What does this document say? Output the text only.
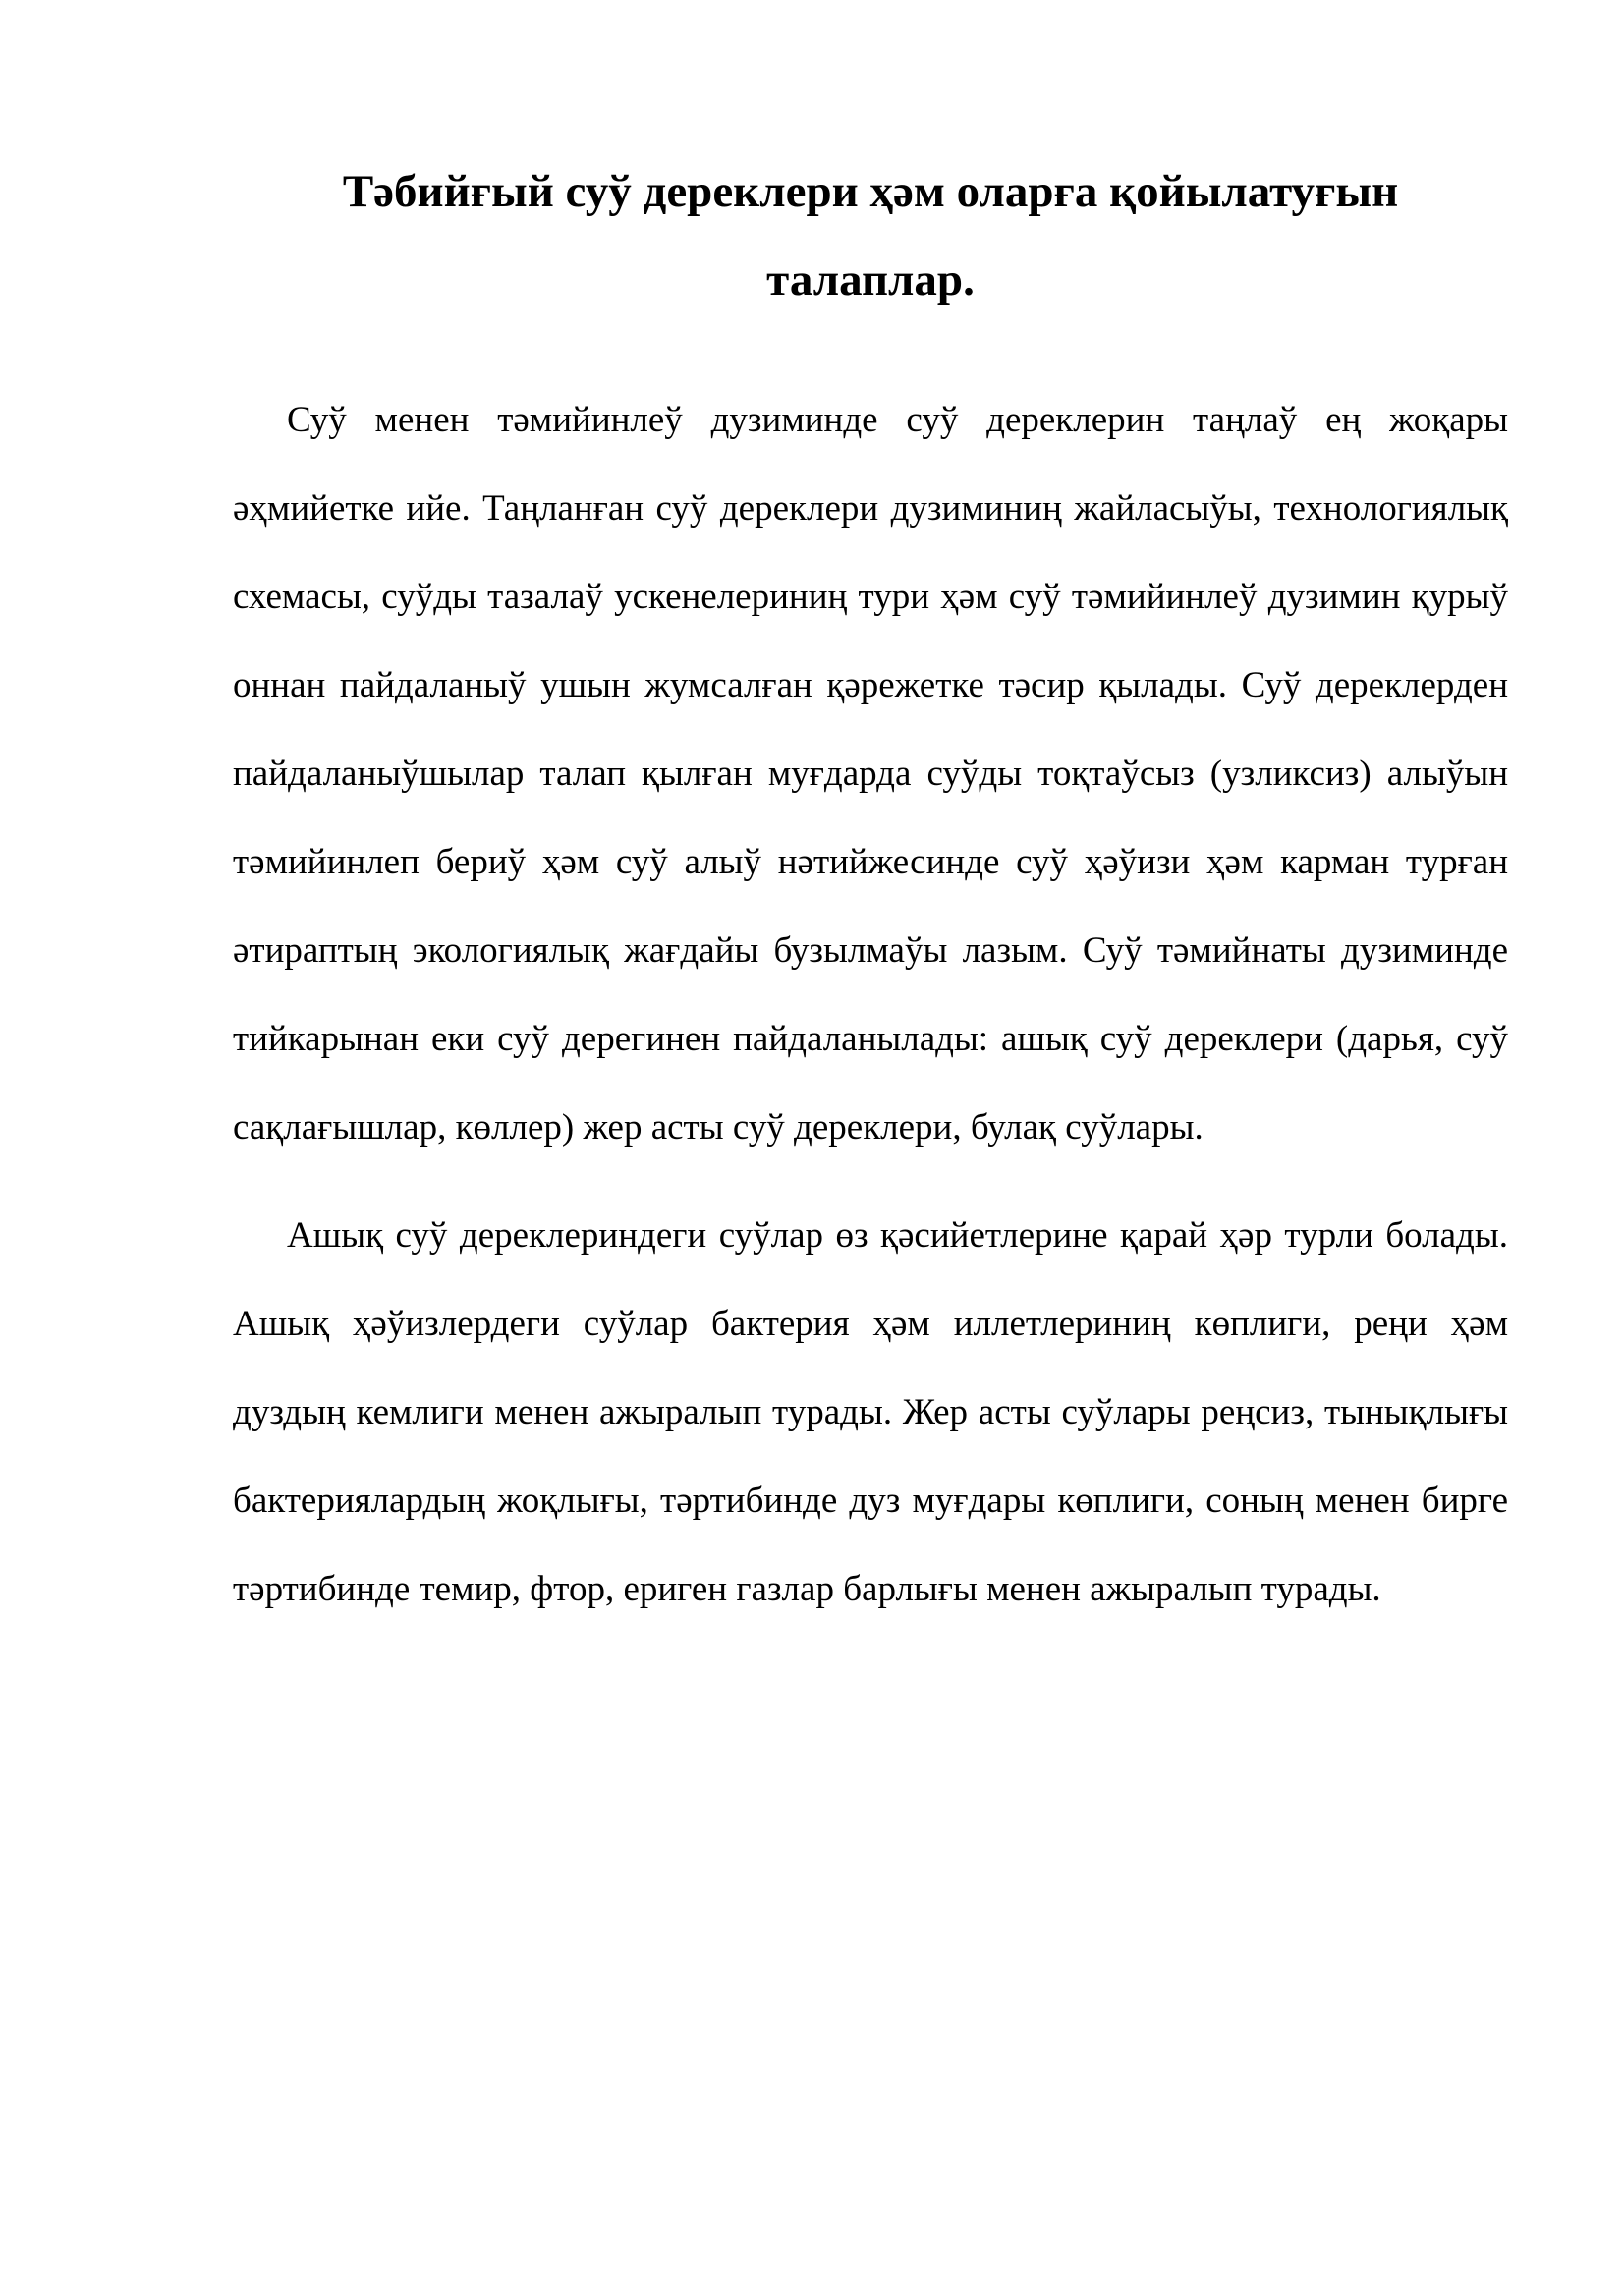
Тәбийғый суў дереклери ҳәм оларға қойылатуғын
талаплар.

Суў менен тәмийинлеў дузиминде суў дереклерин таңлаў ең жоқары әҳмийетке ийе. Таңланған суў дереклери дузиминиң жайласыўы, технологиялық схемасы, суўды тазалаў ускенелериниң тури ҳәм суў тәмийинлеў дузимин қурыў оннан пайдаланыў ушын жумсалған қәрежетке тәсир қылады. Суў дереклерден пайдаланыўшылар талап қылған муғдарда суўды тоқтаўсыз (узликсиз) алыўын тәмийинлеп бериў ҳәм суў алыў нәтийжесинде суў ҳәўизи ҳәм карман турған әтираптың экологиялық жағдайы бузылмаўы лазым. Суў тәмийнаты дузиминде тийкарынан еки суў дерегинен пайдаланылады: ашық суў дереклери (дарья, суў сақлағышлар, көллер) жер асты суў дереклери, булақ суўлары.

Ашық суў дереклериндеги суўлар өз қәсийетлерине қарай ҳәр турли болады. Ашық ҳәўизлердеги суўлар бактерия ҳәм иллетлериниң көплиги, реңи ҳәм дуздың кемлиги менен ажыралып турады. Жер асты суўлары реңсиз, тынықлығы бактериялардың жоқлығы, тәртибинде дуз муғдары көплиги, соның менен бирге тәртибинде темир, фтор, ериген газлар барлығы менен ажыралып турады.
